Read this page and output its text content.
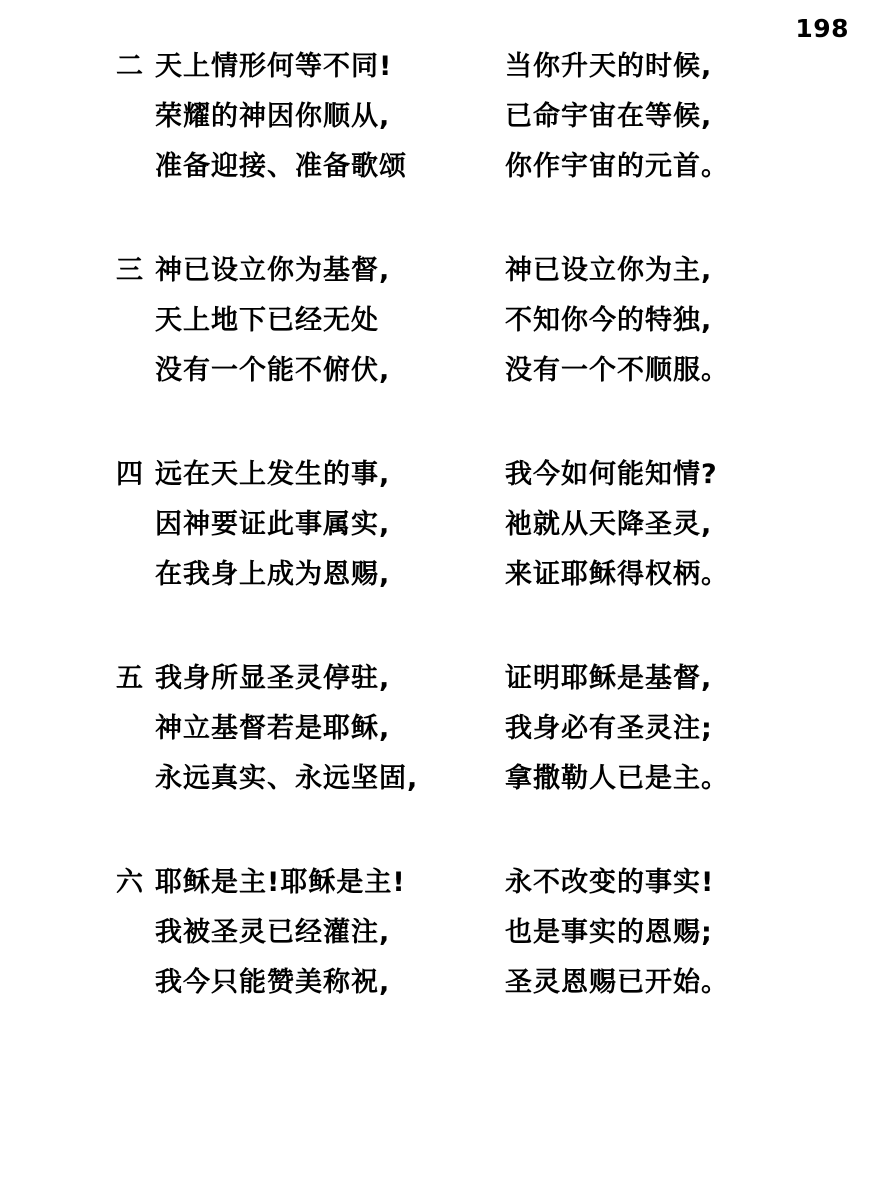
198
二 天上情形何等不同!	当你升天的时候,
荣耀的神因你顺从,	已命宇宙在等候,
准备迎接、准备歌颂	你作宇宙的元首。
三 神已设立你为基督,	神已设立你为主,
天上地下已经无处	不知你今的特独,
没有一个能不俯伏,	没有一个不顺服。
四 远在天上发生的事,	我今如何能知情?
因神要证此事属实,	祂就从天降圣灵,
在我身上成为恩赐,	来证耶稣得权柄。
五 我身所显圣灵停驻,	证明耶稣是基督,
神立基督若是耶稣,	我身必有圣灵注;
永远真实、永远坚固,	拿撒勒人已是主。
六 耶稣是主!耶稣是主!	永不改变的事实!
我被圣灵已经灌注,	也是事实的恩赐;
我今只能赞美称祝,	圣灵恩赐已开始。
